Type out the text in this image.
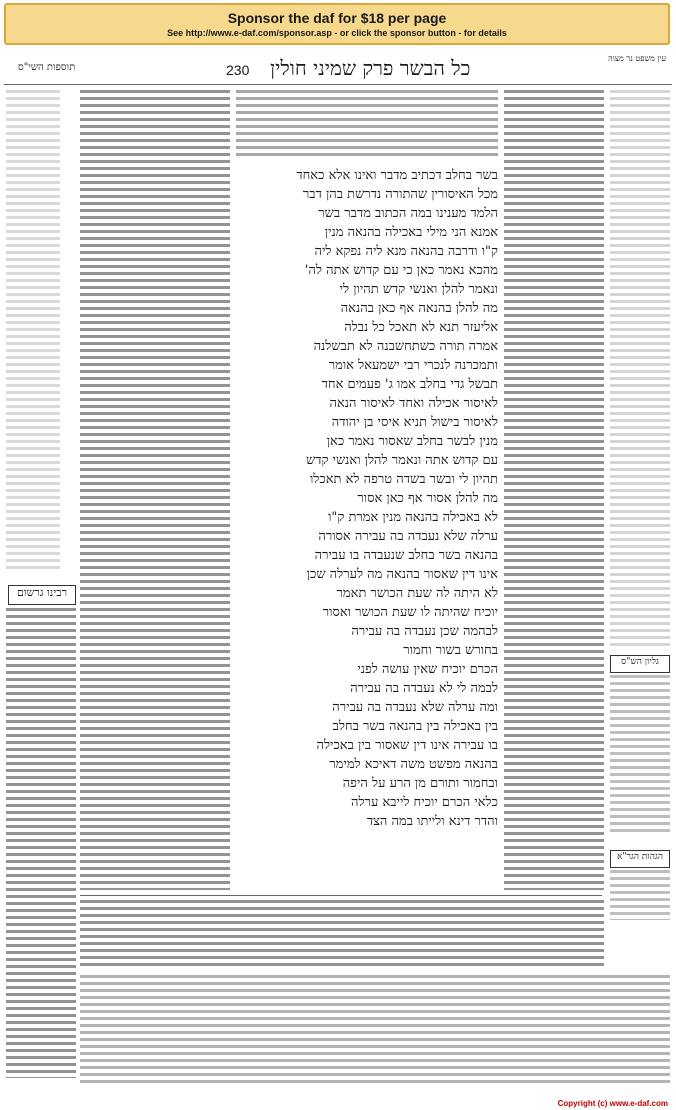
Sponsor the daf for $18 per page
See http://www.e-daf.com/sponsor.asp - or click the sponsor button - for details
תוספות השי"ס	230 כל הבשר פרק שמיני חולין	עין משפט נר מצוה
רבינו גרשום
בשר בחלב דכתיב מדבר ואינו אלא כאחד
מכל האיסורין שהתורה נדרשת בהן דבר
הלמד מענינו במה הכתוב מדבר בשר
אמנא הני מילי באכילה בהנאה מנין
ק"ו ודרבה בהנאה מנא ליה נפקא ליה
מהכא נאמר כאן כי עם קדוש אתה לה'
ונאמר להלן ואנשי קדש תהיון לי
מה להלן בהנאה אף כאן בהנאה
אליעזר תנא לא תאכל כל נבלה
אמרה תורה כשתחשבנה לא תבשלנה
ותמכרנה לנכרי רבי ישמעאל אומר
תבשל גדי בחלב אמו ג' פעמים אחד
לאיסור אכילה ואחד לאיסור הנאה
לאיסור בישול תניא איסי בן יהודה
מנין לבשר בחלב שאסור נאמר כאן
עם קדוש אתה ונאמר להלן ואנשי קדש
תהיון לי ובשר בשדה טרפה לא תאכלו
מה להלן אסור אף כאן אסור
לא באכילה בהנאה מנין אמרת ק"ו
ערלה שלא נעבדה בה עבירה אסורה
בהנאה בשר בחלב שנעבדה בו עבירה
אינו דין שאסור בהנאה מה לערלה שכן
לא היתה לה שעת הכושר תאמר
יוכיח שהיתה לו שעת הכושר ואסור
לבהמה שכן נעבדה בה עבירה
בחורש בשור וחמור
הכרם יוכיח שאין עושה לפני
לבמה לי לא נעבדה בה עבירה
ומה ערלה שלא נעבדה בה עבירה
בין באכילה בין בהנאה בשר בחלב
בו עבירה אינו דין שאסור בין באכילה
בהנאה מפשט משה דאיכא למימר
ובחמור ותורם מן הרע על היפה
כלאי הכרם יוכיח לייבא ערלה
והדר דינא ולייתו במה הצד
גליון הש"ס
הגהות הגר"א
Copyright (c) www.e-daf.com
